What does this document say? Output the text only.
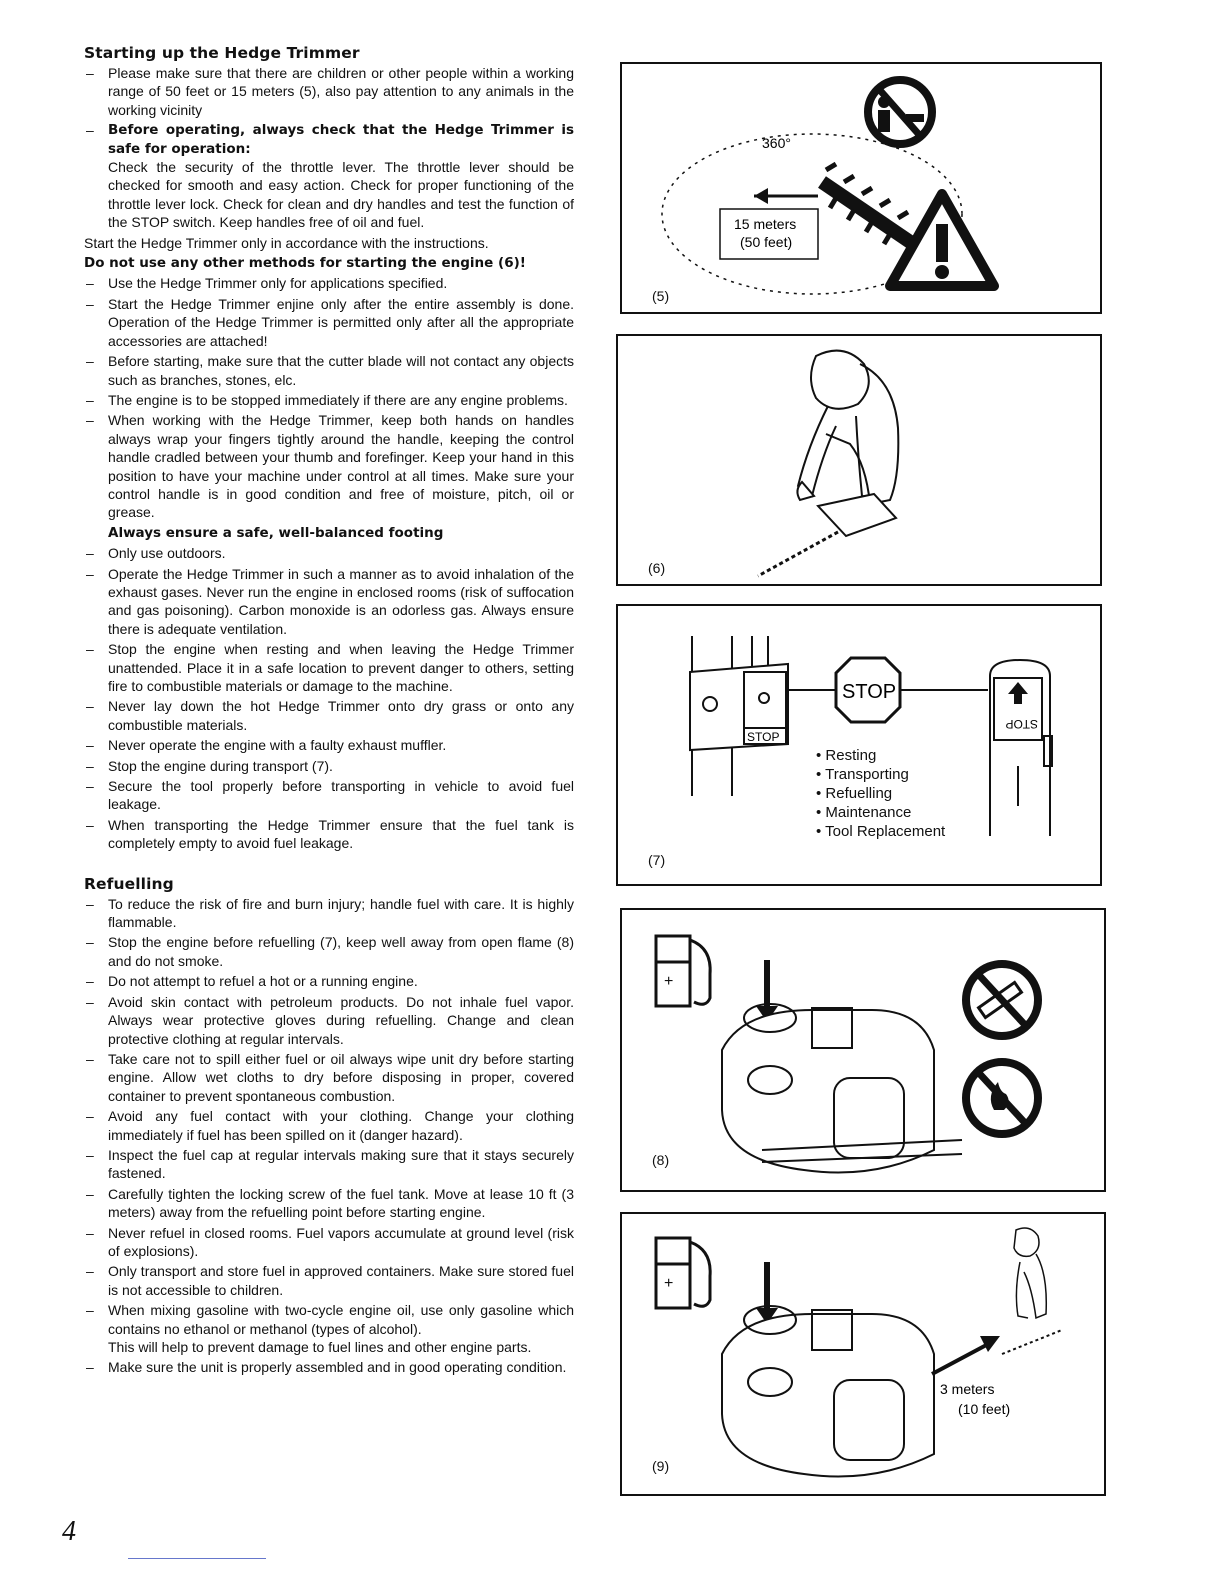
Starting up the Hedge Trimmer
– Please make sure that there are children or other people within a working range of 50 feet or 15 meters (5), also pay attention to any animals in the working vicinity
– Before operating, always check that the Hedge Trimmer is safe for operation:
Check the security of the throttle lever. The throttle lever should be checked for smooth and easy action. Check for proper functioning of the throttle lever lock. Check for clean and dry handles and test the function of the STOP switch. Keep handles free of oil and fuel.
Start the Hedge Trimmer only in accordance with the instructions.
Do not use any other methods for starting the engine (6)!
– Use the Hedge Trimmer only for applications specified.
– Start the Hedge Trimmer enjine only after the entire assembly is done. Operation of the Hedge Trimmer is permitted only after all the appropriate accessories are attached!
– Before starting, make sure that the cutter blade will not contact any objects such as branches, stones, elc.
– The engine is to be stopped immediately if there are any engine problems.
– When working with the Hedge Trimmer, keep both hands on handles always wrap your fingers tightly around the handle, keeping the control handle cradled between your thumb and forefinger. Keep your hand in this position to have your machine under control at all times. Make sure your control handle is in good condition and free of moisture, pitch, oil or grease.
Always ensure a safe, well-balanced footing
– Only use outdoors.
– Operate the Hedge Trimmer in such a manner as to avoid inhalation of the exhaust gases. Never run the engine in enclosed rooms (risk of suffocation and gas poisoning). Carbon monoxide is an odorless gas. Always ensure there is adequate ventilation.
– Stop the engine when resting and when leaving the Hedge Trimmer unattended. Place it in a safe location to prevent danger to others, setting fire to combustible materials or damage to the machine.
– Never lay down the hot Hedge Trimmer onto dry grass or onto any combustible materials.
– Never operate the engine with a faulty exhaust muffler.
– Stop the engine during transport (7).
– Secure the tool properly before transporting in vehicle to avoid fuel leakage.
– When transporting the Hedge Trimmer ensure that the fuel tank is completely empty to avoid fuel leakage.
Refuelling
– To reduce the risk of fire and burn injury; handle fuel with care. It is highly flammable.
– Stop the engine before refuelling (7), keep well away from open flame (8) and do not smoke.
– Do not attempt to refuel a hot or a running engine.
– Avoid skin contact with petroleum products. Do not inhale fuel vapor. Always wear protective gloves during refuelling. Change and clean protective clothing at regular intervals.
– Take care not to spill either fuel or oil always wipe unit dry before starting engine. Allow wet cloths to dry before disposing in proper, covered container to prevent spontaneous combustion.
– Avoid any fuel contact with your clothing. Change your clothing immediately if fuel has been spilled on it (danger hazard).
– Inspect the fuel cap at regular intervals making sure that it stays securely fastened.
– Carefully tighten the locking screw of the fuel tank. Move at lease 10 ft (3 meters) away from the refuelling point before starting engine.
– Never refuel in closed rooms. Fuel vapors accumulate at ground level (risk of explosions).
– Only transport and store fuel in approved containers. Make sure stored fuel is not accessible to children.
– When mixing gasoline with two-cycle engine oil, use only gasoline which contains no ethanol or methanol (types of alcohol).
This will help to prevent damage to fuel lines and other engine parts.
– Make sure the unit is properly assembled and in good operating condition.
360°
15 meters
(50 feet)
(5)
(6)
STOP
STOP
STOP
• Resting
• Transporting
• Refuelling
• Maintenance
• Tool Replacement
(7)
+
(8)
+
3 meters
(10 feet)
(9)
4
